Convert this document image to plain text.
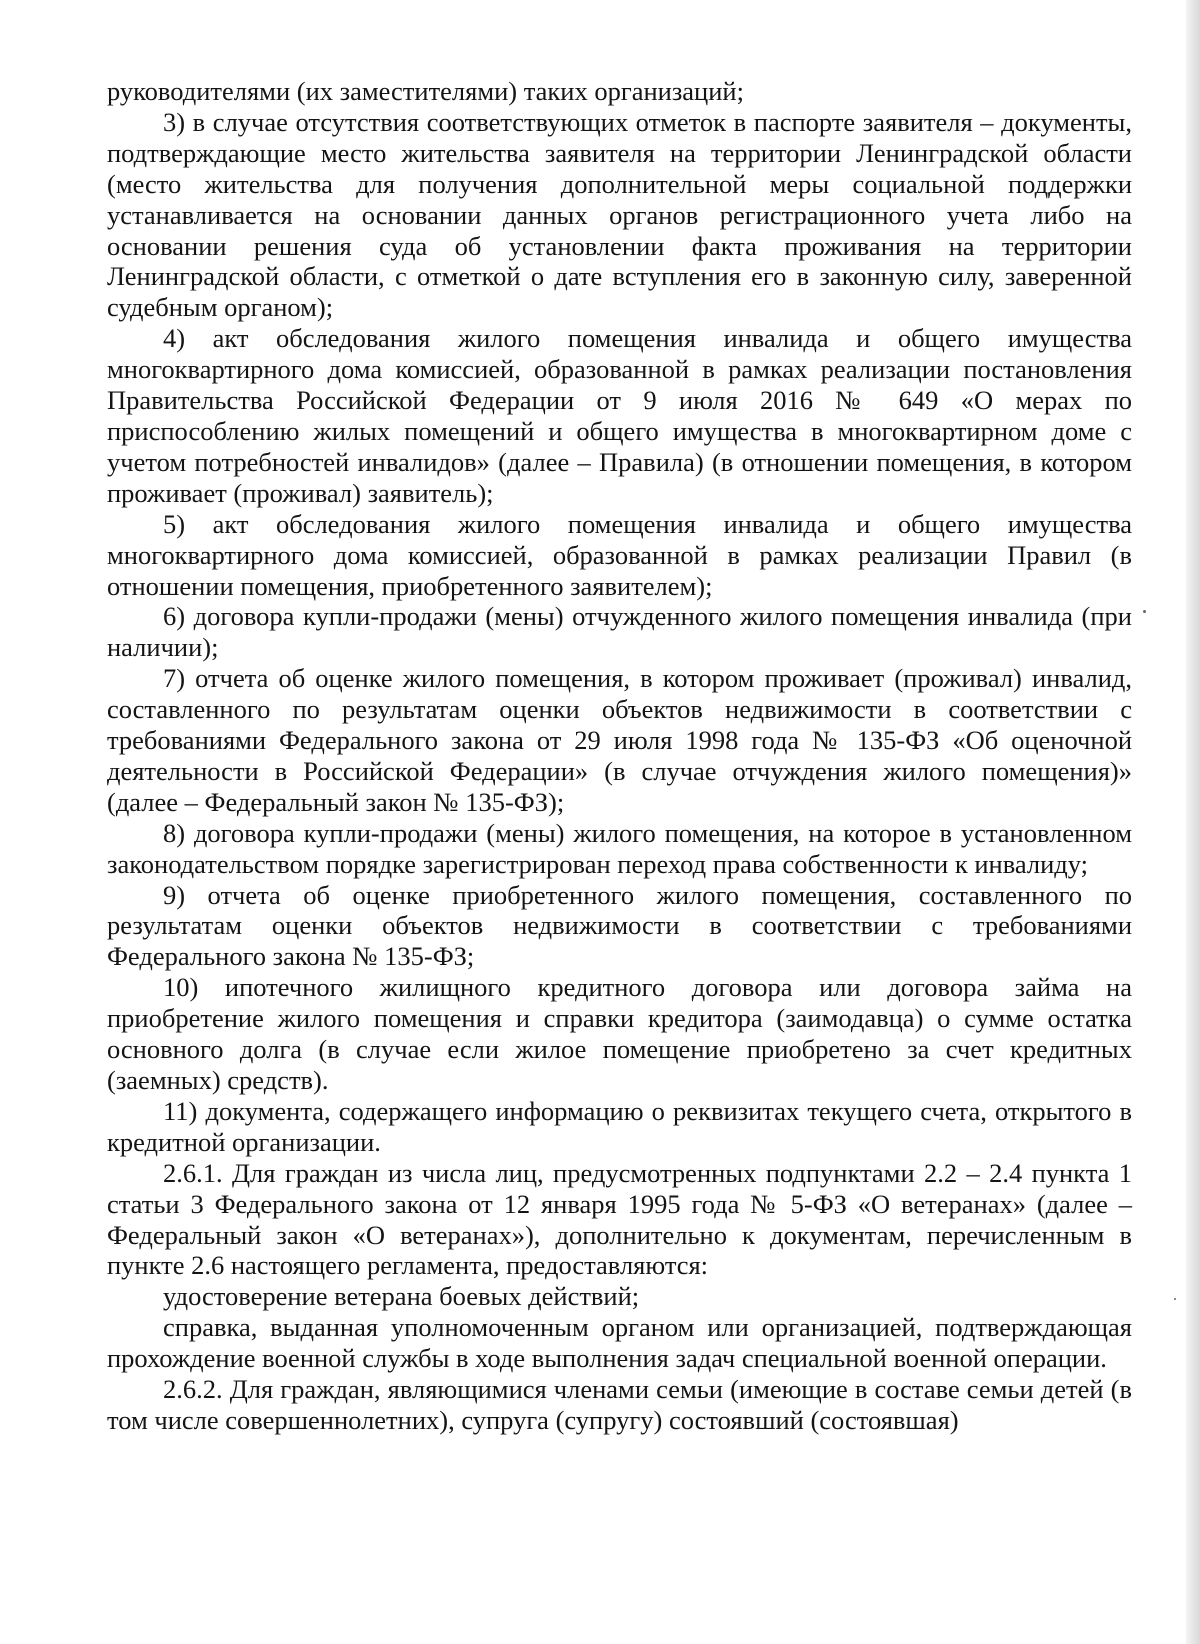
руководителями (их заместителями) таких организаций;

3) в случае отсутствия соответствующих отметок в паспорте заявителя – документы, подтверждающие место жительства заявителя на территории Ленинградской области (место жительства для получения дополнительной меры социальной поддержки устанавливается на основании данных органов регистрационного учета либо на основании решения суда об установлении факта проживания на территории Ленинградской области, с отметкой о дате вступления его в законную силу, заверенной судебным органом);

4) акт обследования жилого помещения инвалида и общего имущества многоквартирного дома комиссией, образованной в рамках реализации постановления Правительства Российской Федерации от 9 июля 2016 № 649 «О мерах по приспособлению жилых помещений и общего имущества в многоквартирном доме с учетом потребностей инвалидов» (далее – Правила) (в отношении помещения, в котором проживает (проживал) заявитель);

5) акт обследования жилого помещения инвалида и общего имущества многоквартирного дома комиссией, образованной в рамках реализации Правил (в отношении помещения, приобретенного заявителем);

6) договора купли-продажи (мены) отчужденного жилого помещения инвалида (при наличии);

7) отчета об оценке жилого помещения, в котором проживает (проживал) инвалид, составленного по результатам оценки объектов недвижимости в соответствии с требованиями Федерального закона от 29 июля 1998 года № 135-ФЗ «Об оценочной деятельности в Российской Федерации» (в случае отчуждения жилого помещения)» (далее – Федеральный закон № 135-ФЗ);

8) договора купли-продажи (мены) жилого помещения, на которое в установленном законодательством порядке зарегистрирован переход права собственности к инвалиду;

9) отчета об оценке приобретенного жилого помещения, составленного по результатам оценки объектов недвижимости в соответствии с требованиями Федерального закона № 135-ФЗ;

10) ипотечного жилищного кредитного договора или договора займа на приобретение жилого помещения и справки кредитора (заимодавца) о сумме остатка основного долга (в случае если жилое помещение приобретено за счет кредитных (заемных) средств).

11) документа, содержащего информацию о реквизитах текущего счета, открытого в кредитной организации.

2.6.1. Для граждан из числа лиц, предусмотренных подпунктами 2.2 – 2.4 пункта 1 статьи 3 Федерального закона от 12 января 1995 года № 5-ФЗ «О ветеранах» (далее – Федеральный закон «О ветеранах»), дополнительно к документам, перечисленным в пункте 2.6 настоящего регламента, предоставляются:

удостоверение ветерана боевых действий;

справка, выданная уполномоченным органом или организацией, подтверждающая прохождение военной службы в ходе выполнения задач специальной военной операции.

2.6.2. Для граждан, являющимися членами семьи (имеющие в составе семьи детей (в том числе совершеннолетних), супруга (супругу) состоявший (состоявшая)
